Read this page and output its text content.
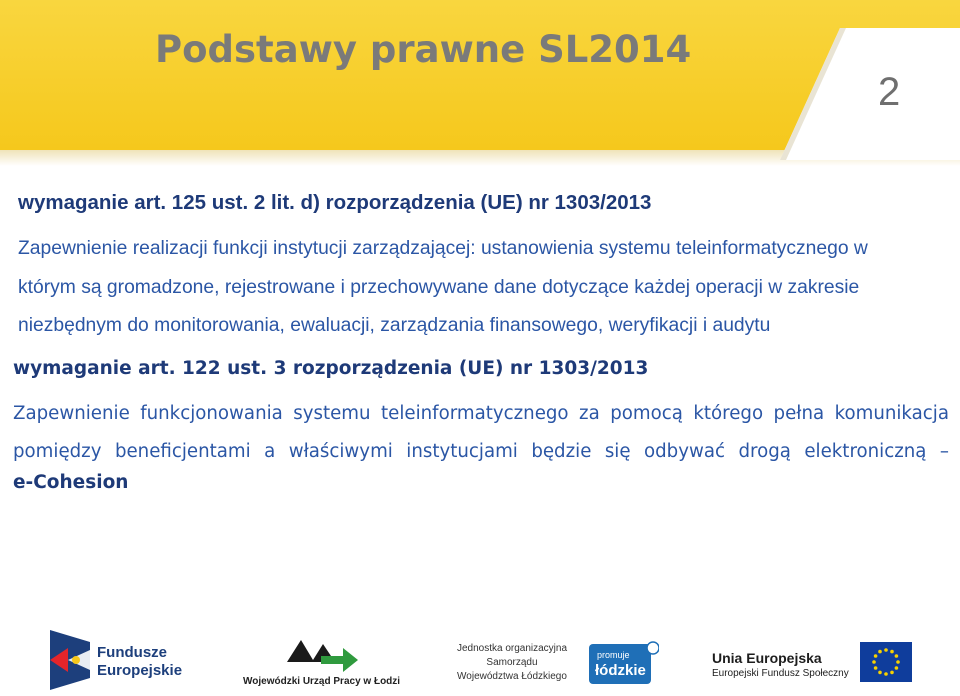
Podstawy prawne SL2014
2
wymaganie art. 125 ust. 2 lit. d) rozporządzenia (UE) nr 1303/2013

Zapewnienie realizacji funkcji instytucji zarządzającej: ustanowienia systemu teleinformatycznego w
którym są gromadzone, rejestrowane i przechowywane dane dotyczące każdej operacji w zakresie
niezbędnym do monitorowania, ewaluacji, zarządzania finansowego, weryfikacji i audytu

wymaganie art. 122 ust. 3 rozporządzenia (UE) nr 1303/2013

Zapewnienie funkcjonowania systemu teleinformatycznego za pomocą którego pełna komunikacja
pomiędzy beneficjentami a właściwymi instytucjami będzie się odbywać drogą elektroniczną –

e-Cohesion

Fundusze
Europejskie
Wojewódzki Urząd Pracy w Łodzi
Jednostka organizacyjna
Samorządu
Województwa Łódzkiego
promuje
łódzkie
Unia Europejska
Europejski Fundusz Społeczny
